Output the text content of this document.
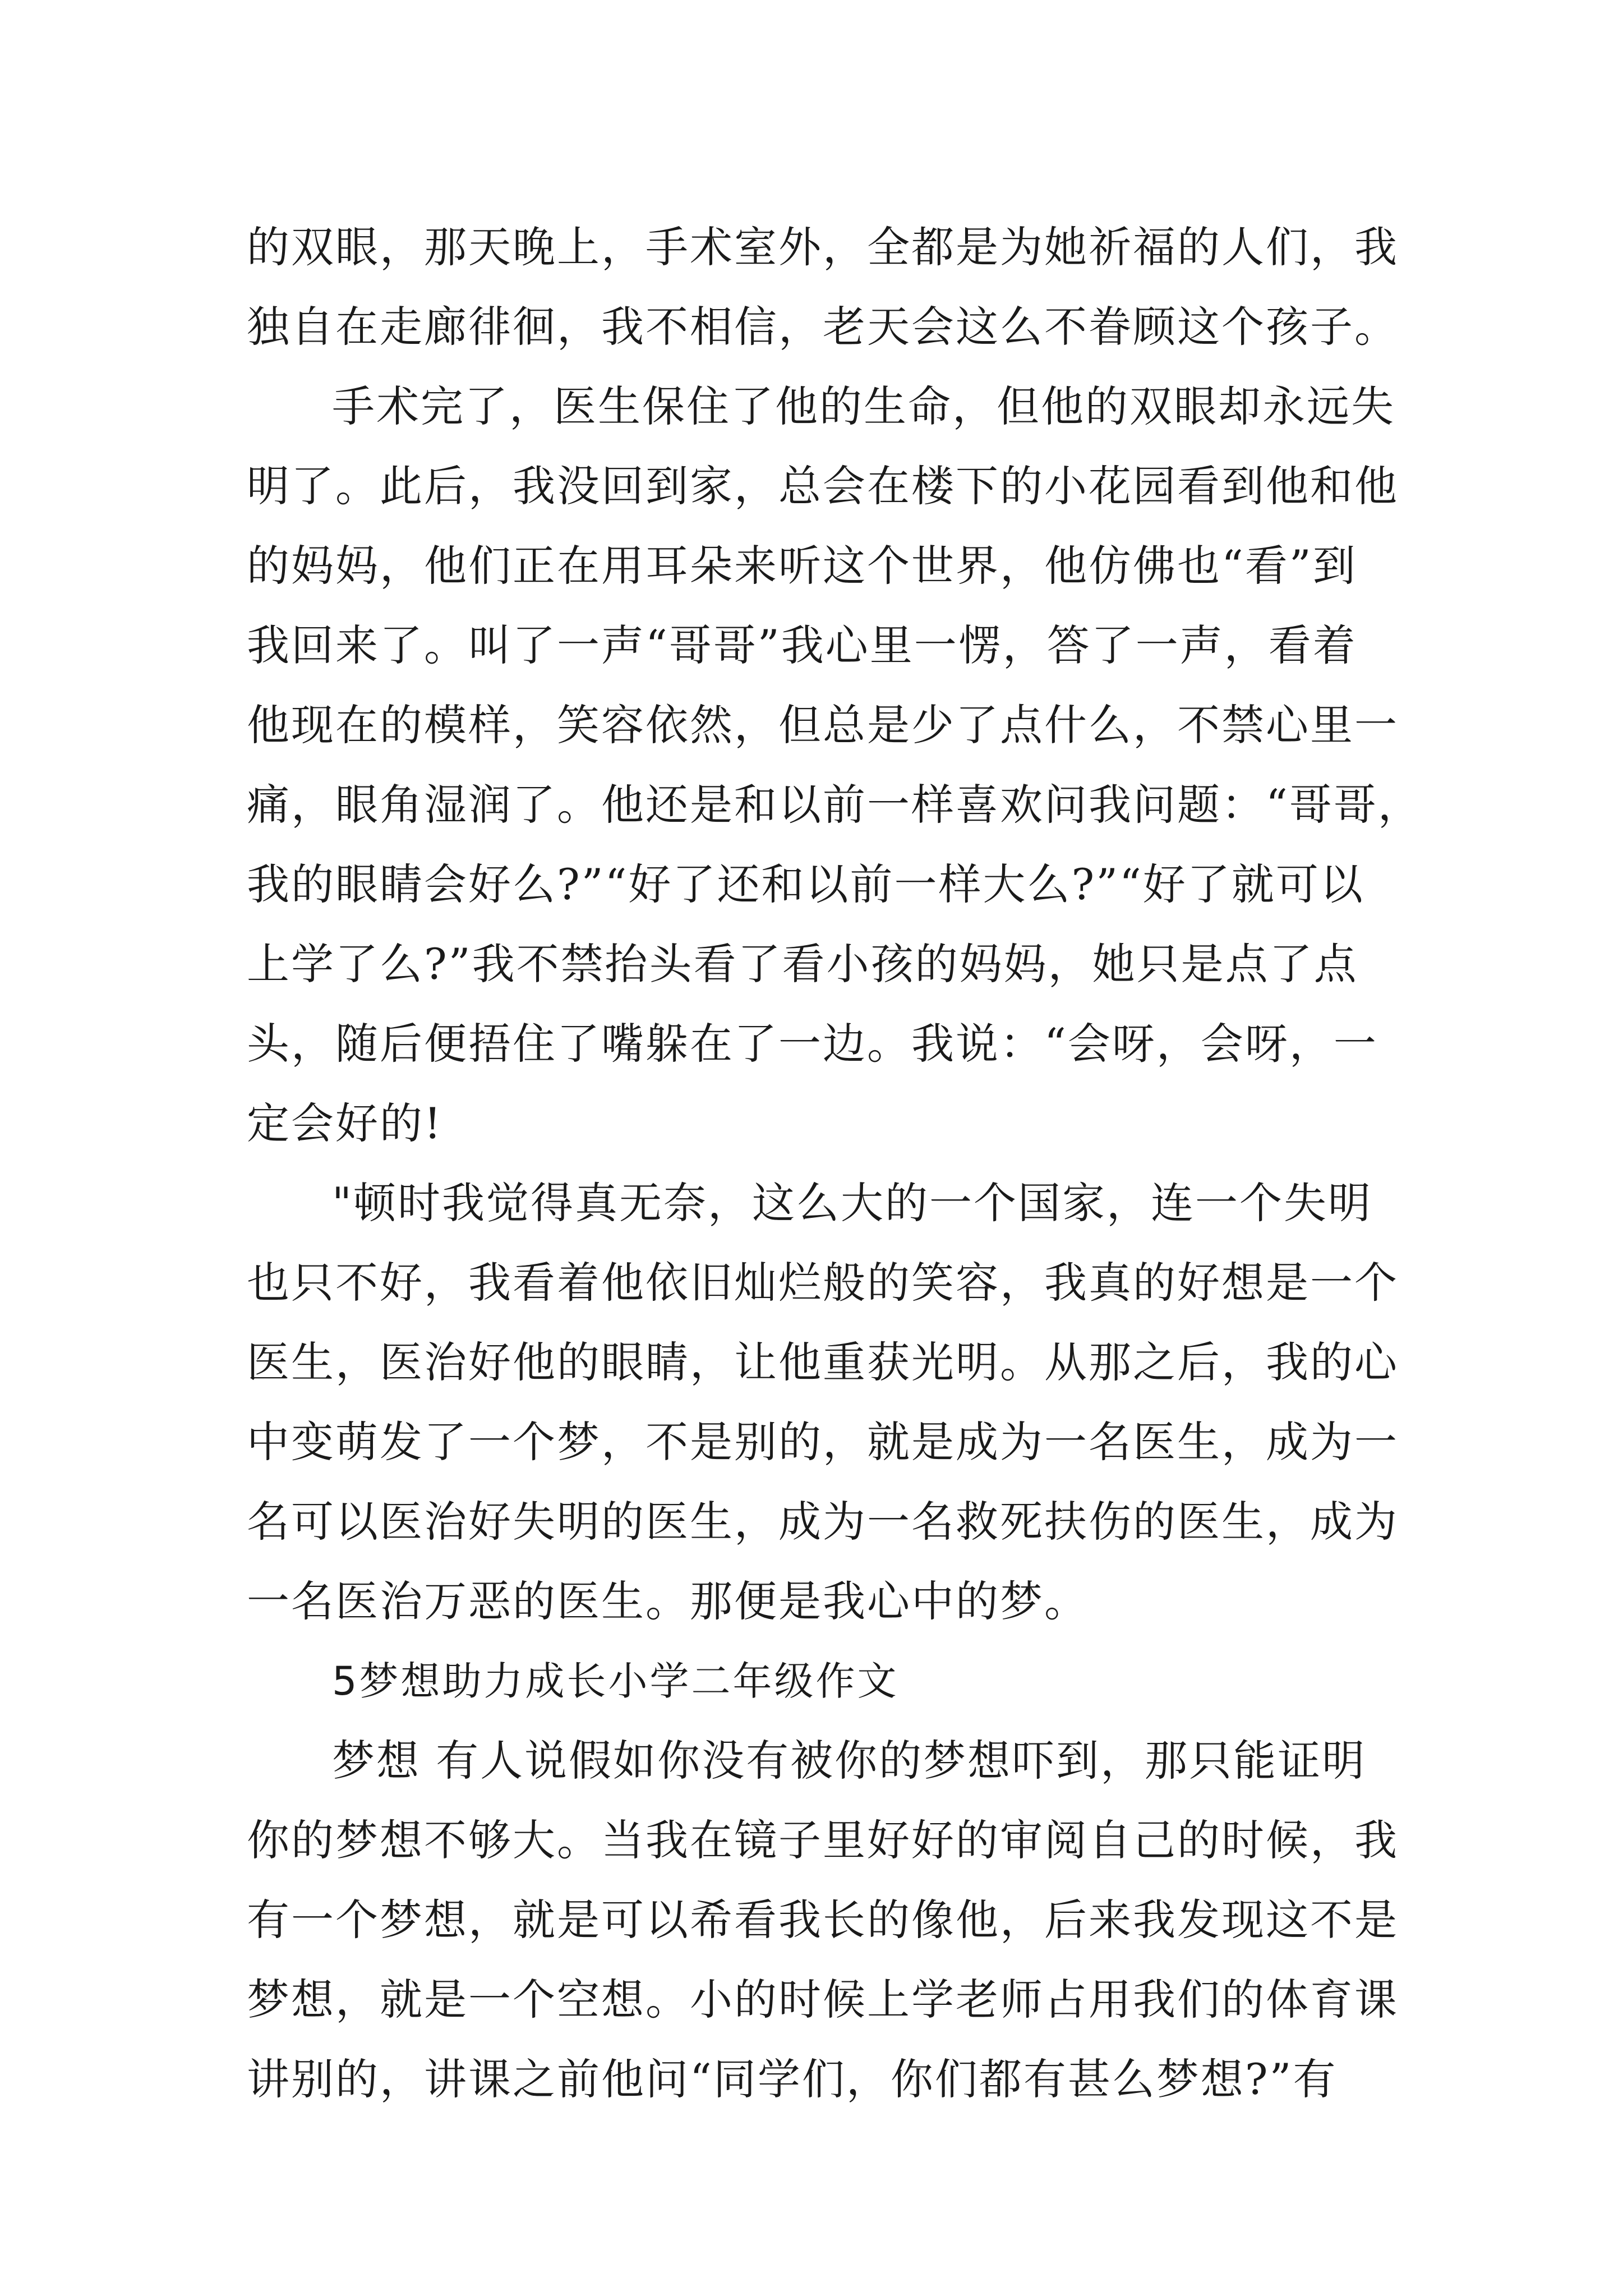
的双眼，那天晚上，手术室外，全都是为她祈福的人们，我
独自在走廊徘徊，我不相信，老天会这么不眷顾这个孩子。
手术完了，医生保住了他的生命，但他的双眼却永远失
明了。此后，我没回到家，总会在楼下的小花园看到他和他
的妈妈，他们正在用耳朵来听这个世界，他仿佛也“看”到
我回来了。叫了一声“哥哥”我心里一愣，答了一声，看着
他现在的模样，笑容依然，但总是少了点什么，不禁心里一
痛，眼角湿润了。他还是和以前一样喜欢问我问题：“哥哥，
我的眼睛会好么?”“好了还和以前一样大么?”“好了就可以
上学了么?”我不禁抬头看了看小孩的妈妈，她只是点了点
头，随后便捂住了嘴躲在了一边。我说：“会呀，会呀，一
定会好的!
"顿时我觉得真无奈，这么大的一个国家，连一个失明
也只不好，我看着他依旧灿烂般的笑容，我真的好想是一个
医生，医治好他的眼睛，让他重获光明。从那之后，我的心
中变萌发了一个梦，不是别的，就是成为一名医生，成为一
名可以医治好失明的医生，成为一名救死扶伤的医生，成为
一名医治万恶的医生。那便是我心中的梦。
5梦想助力成长小学二年级作文
梦想 有人说假如你没有被你的梦想吓到，那只能证明
你的梦想不够大。当我在镜子里好好的审阅自己的时候，我
有一个梦想，就是可以希看我长的像他，后来我发现这不是
梦想，就是一个空想。小的时候上学老师占用我们的体育课
讲别的，讲课之前他问“同学们，你们都有甚么梦想?”有
